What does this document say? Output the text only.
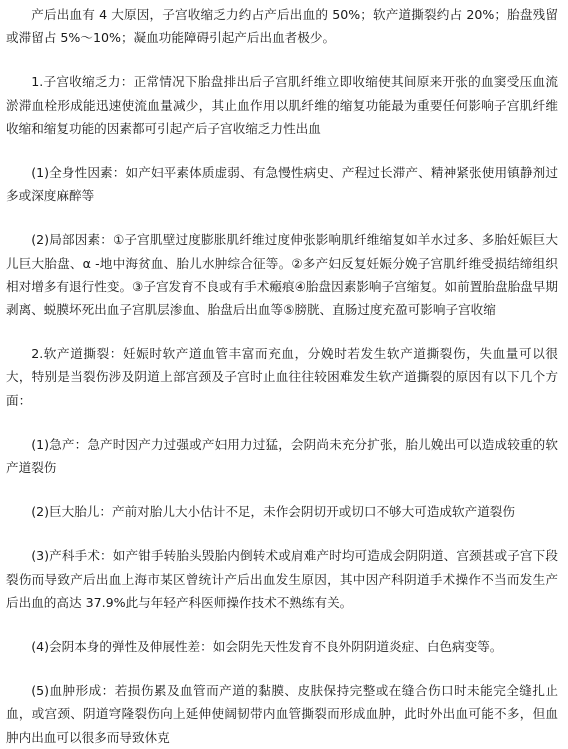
产后出血有 4 大原因，子宫收缩乏力约占产后出血的 50%；软产道撕裂约占 20%；胎盘残留或滞留占 5%～10%；凝血功能障碍引起产后出血者极少。

1.子宫收缩乏力：正常情况下胎盘排出后子宫肌纤维立即收缩使其间原来开张的血窦受压血流淤滞血栓形成能迅速使流血量减少，其止血作用以肌纤维的缩复功能最为重要任何影响子宫肌纤维收缩和缩复功能的因素都可引起产后子宫收缩乏力性出血

(1)全身性因素：如产妇平素体质虚弱、有急慢性病史、产程过长滞产、精神紧张使用镇静剂过多或深度麻醉等

(2)局部因素：①子宫肌壁过度膨胀肌纤维过度伸张影响肌纤维缩复如羊水过多、多胎妊娠巨大儿巨大胎盘、α -地中海贫血、胎儿水肿综合征等。②多产妇反复妊娠分娩子宫肌纤维受损结缔组织相对增多有退行性变。③子宫发育不良或有手术瘢痕④胎盘因素影响子宫缩复。如前置胎盘胎盘早期剥离、蜕膜坏死出血子宫肌层渗血、胎盘后出血等⑤膀胱、直肠过度充盈可影响子宫收缩

2.软产道撕裂：妊娠时软产道血管丰富而充血，分娩时若发生软产道撕裂伤，失血量可以很大，特别是当裂伤涉及阴道上部宫颈及子宫时止血往往较困难发生软产道撕裂的原因有以下几个方面：

(1)急产：急产时因产力过强或产妇用力过猛，会阴尚未充分扩张，胎儿娩出可以造成较重的软产道裂伤

(2)巨大胎儿：产前对胎儿大小估计不足，未作会阴切开或切口不够大可造成软产道裂伤

(3)产科手术：如产钳手转胎头毁胎内倒转术或肩难产时均可造成会阴阴道、宫颈甚或子宫下段裂伤而导致产后出血上海市某区曾统计产后出血发生原因，其中因产科阴道手术操作不当而发生产后出血的高达 37.9%此与年轻产科医师操作技术不熟练有关。

(4)会阴本身的弹性及伸展性差：如会阴先天性发育不良外阴阴道炎症、白色病变等。

(5)血肿形成：若损伤累及血管而产道的黏膜、皮肤保持完整或在缝合伤口时未能完全缝扎止血，或宫颈、阴道穹隆裂伤向上延伸使阔韧带内血管撕裂而形成血肿，此时外出血可能不多，但血肿内出血可以很多而导致休克
